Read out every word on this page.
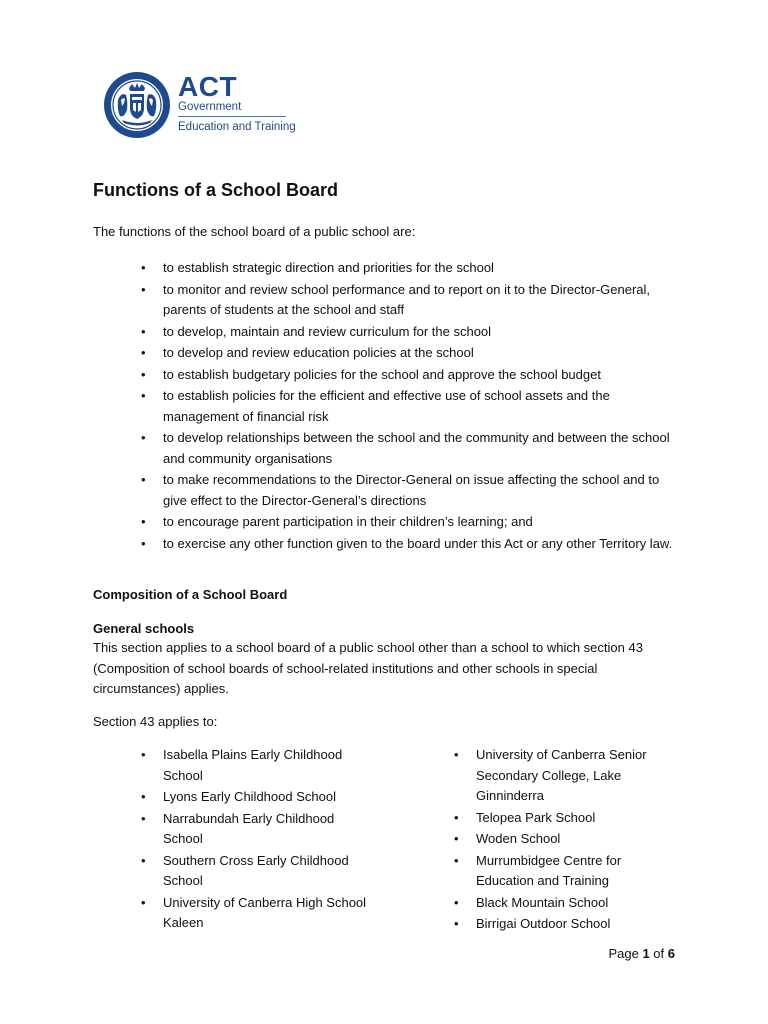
ACT
Government
Education and Training
Functions of a School Board

The functions of the school board of a public school are:

• to establish strategic direction and priorities for the school
• to monitor and review school performance and to report on it to the Director-General, parents of students at the school and staff
• to develop, maintain and review curriculum for the school
• to develop and review education policies at the school
• to establish budgetary policies for the school and approve the school budget
• to establish policies for the efficient and effective use of school assets and the management of financial risk
• to develop relationships between the school and the community and between the school and community organisations
• to make recommendations to the Director-General on issue affecting the school and to give effect to the Director-General’s directions
• to encourage parent participation in their children’s learning; and
• to exercise any other function given to the board under this Act or any other Territory law.
Composition of a School Board
General schools

This section applies to a school board of a public school other than a school to which section 43 (Composition of school boards of school-related institutions and other schools in special circumstances) applies.

Section 43 applies to:

• Isabella Plains Early Childhood School
• Lyons Early Childhood School
• Narrabundah Early Childhood School
• Southern Cross Early Childhood School
• University of Canberra High School Kaleen
• University of Canberra Senior Secondary College, Lake Ginninderra
• Telopea Park School
• Woden School
• Murrumbidgee Centre for Education and Training
• Black Mountain School
• Birrigai Outdoor School
Page 1 of 6
